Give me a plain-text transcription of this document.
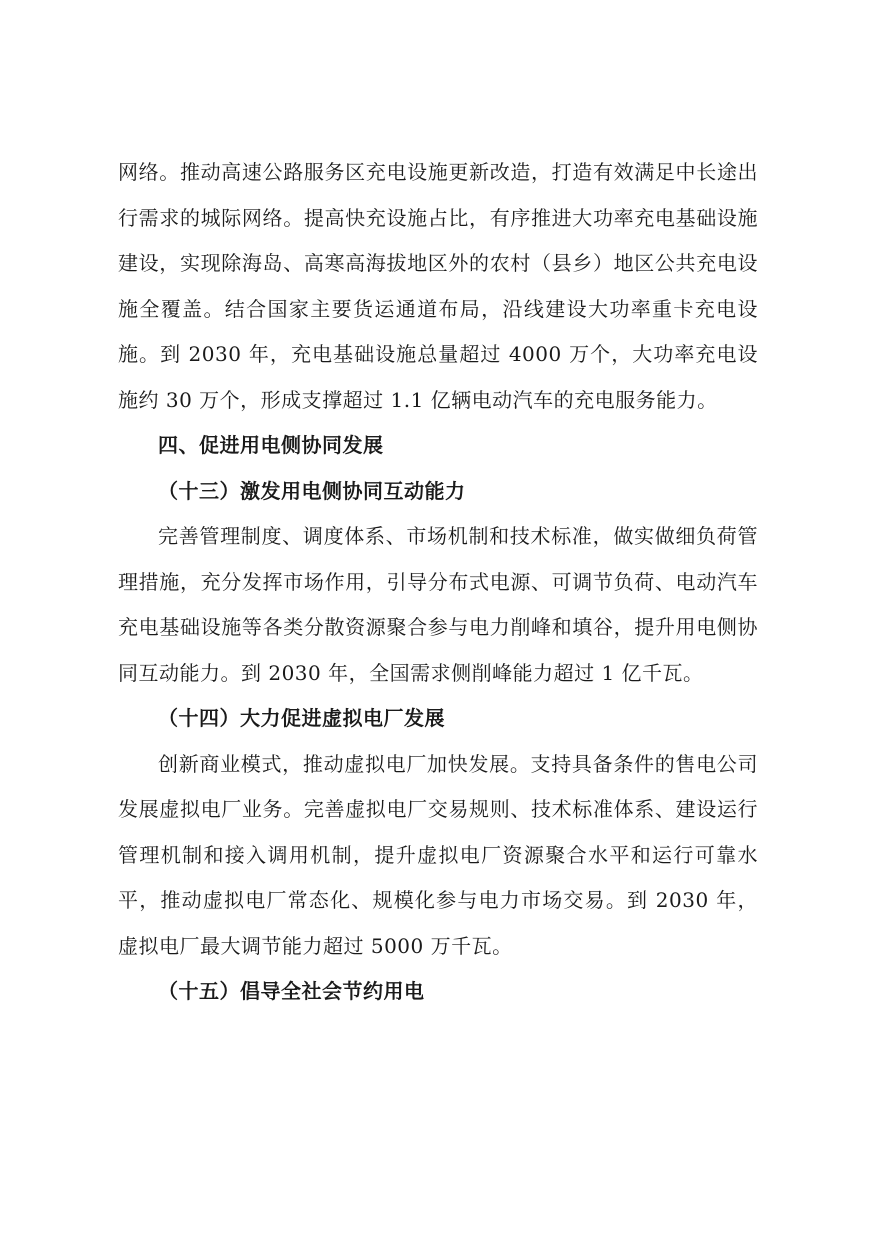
网络。推动高速公路服务区充电设施更新改造，打造有效满足中长途出行需求的城际网络。提高快充设施占比，有序推进大功率充电基础设施建设，实现除海岛、高寒高海拔地区外的农村（县乡）地区公共充电设施全覆盖。结合国家主要货运通道布局，沿线建设大功率重卡充电设施。到 2030 年，充电基础设施总量超过 4000 万个，大功率充电设施约 30 万个，形成支撑超过 1.1 亿辆电动汽车的充电服务能力。

四、促进用电侧协同发展

（十三）激发用电侧协同互动能力

完善管理制度、调度体系、市场机制和技术标准，做实做细负荷管理措施，充分发挥市场作用，引导分布式电源、可调节负荷、电动汽车充电基础设施等各类分散资源聚合参与电力削峰和填谷，提升用电侧协同互动能力。到 2030 年，全国需求侧削峰能力超过 1 亿千瓦。

（十四）大力促进虚拟电厂发展

创新商业模式，推动虚拟电厂加快发展。支持具备条件的售电公司发展虚拟电厂业务。完善虚拟电厂交易规则、技术标准体系、建设运行管理机制和接入调用机制，提升虚拟电厂资源聚合水平和运行可靠水平，推动虚拟电厂常态化、规模化参与电力市场交易。到 2030 年，虚拟电厂最大调节能力超过 5000 万千瓦。

（十五）倡导全社会节约用电
